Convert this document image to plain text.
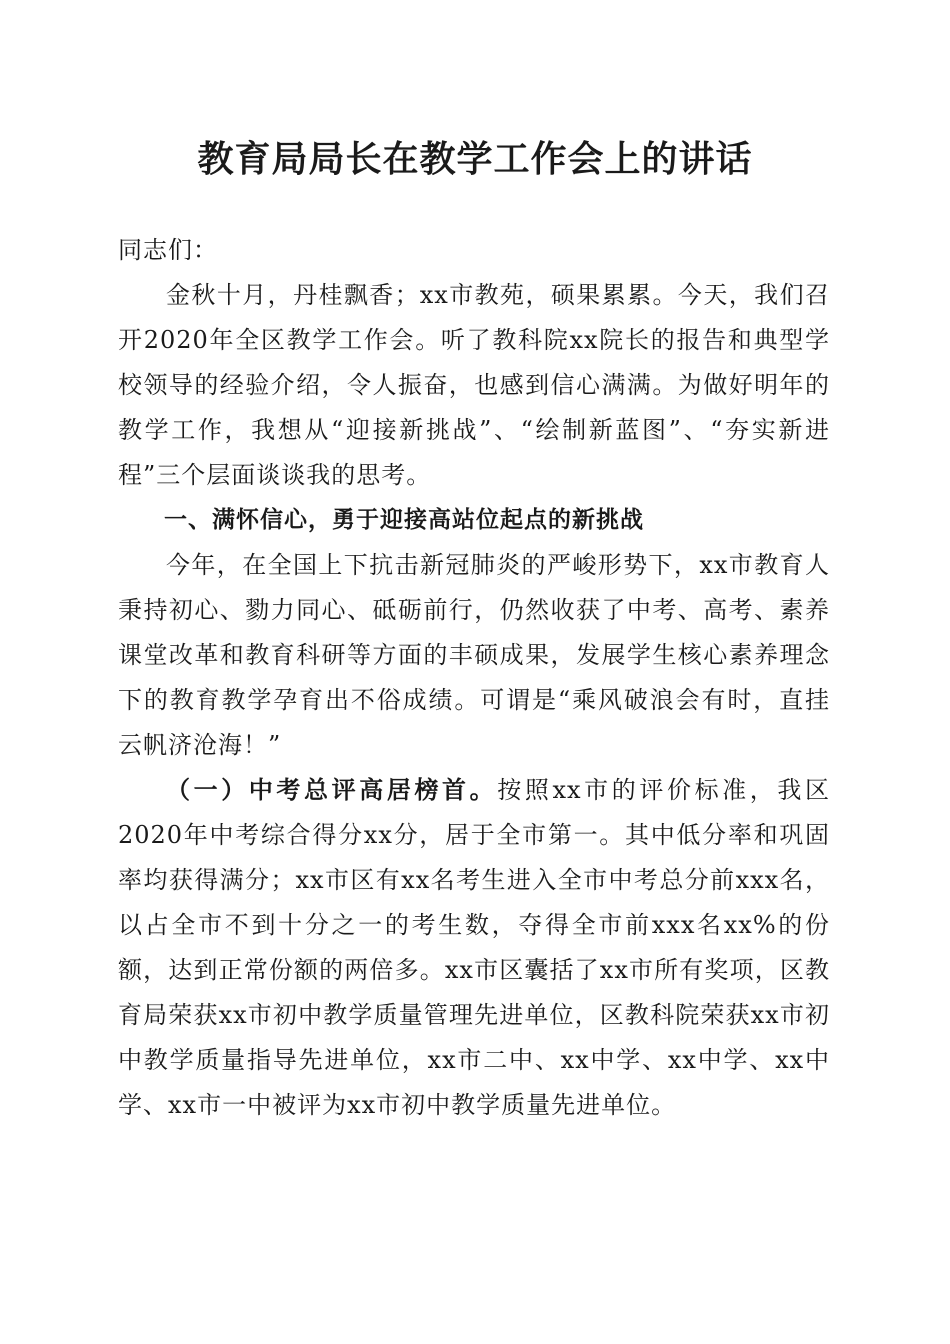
教育局局长在教学工作会上的讲话

同志们：

金秋十月，丹桂飘香；xx市教苑，硕果累累。今天，我们召开2020年全区教学工作会。听了教科院xx院长的报告和典型学校领导的经验介绍，令人振奋，也感到信心满满。为做好明年的教学工作，我想从“迎接新挑战”、“绘制新蓝图”、“夯实新进程”三个层面谈谈我的思考。

一、满怀信心，勇于迎接高站位起点的新挑战

今年，在全国上下抗击新冠肺炎的严峻形势下，xx市教育人秉持初心、勠力同心、砥砺前行，仍然收获了中考、高考、素养课堂改革和教育科研等方面的丰硕成果，发展学生核心素养理念下的教育教学孕育出不俗成绩。可谓是“乘风破浪会有时，直挂云帆济沧海！”

（一）中考总评高居榜首。按照xx市的评价标准，我区2020年中考综合得分xx分，居于全市第一。其中低分率和巩固率均获得满分；xx市区有xx名考生进入全市中考总分前xxx名，以占全市不到十分之一的考生数，夺得全市前xxx名xx%的份额，达到正常份额的两倍多。xx市区囊括了xx市所有奖项，区教育局荣获xx市初中教学质量管理先进单位，区教科院荣获xx市初中教学质量指导先进单位，xx市二中、xx中学、xx中学、xx中学、xx市一中被评为xx市初中教学质量先进单位。
